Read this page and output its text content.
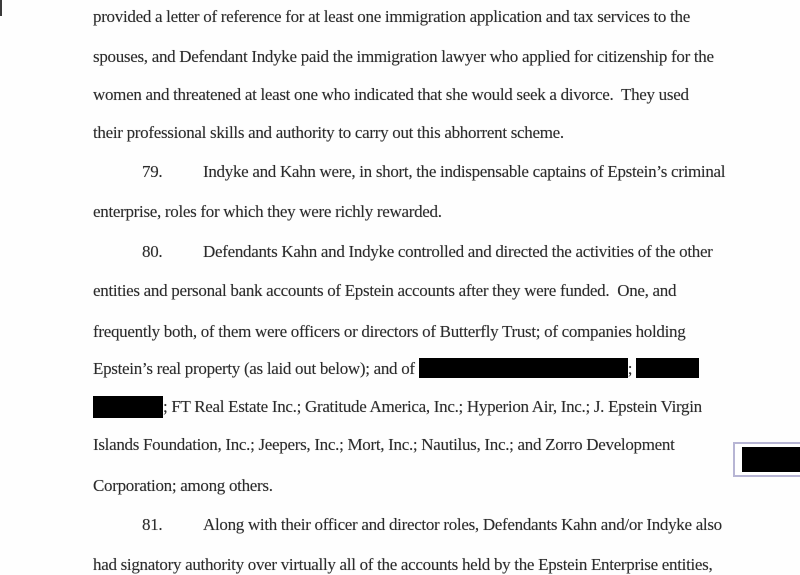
provided a letter of reference for at least one immigration application and tax services to the

spouses, and Defendant Indyke paid the immigration lawyer who applied for citizenship for the

women and threatened at least one who indicated that she would seek a divorce.  They used

their professional skills and authority to carry out this abhorrent scheme.

79. Indyke and Kahn were, in short, the indispensable captains of Epstein’s criminal

enterprise, roles for which they were richly rewarded.

80. Defendants Kahn and Indyke controlled and directed the activities of the other

entities and personal bank accounts of Epstein accounts after they were funded.  One, and

frequently both, of them were officers or directors of Butterfly Trust; of companies holding

Epstein’s real property (as laid out below); and of	;

; FT Real Estate Inc.; Gratitude America, Inc.; Hyperion Air, Inc.; J. Epstein Virgin

Islands Foundation, Inc.; Jeepers, Inc.; Mort, Inc.; Nautilus, Inc.; and Zorro Development

Corporation; among others.

81. Along with their officer and director roles, Defendants Kahn and/or Indyke also

had signatory authority over virtually all of the accounts held by the Epstein Enterprise entities,
